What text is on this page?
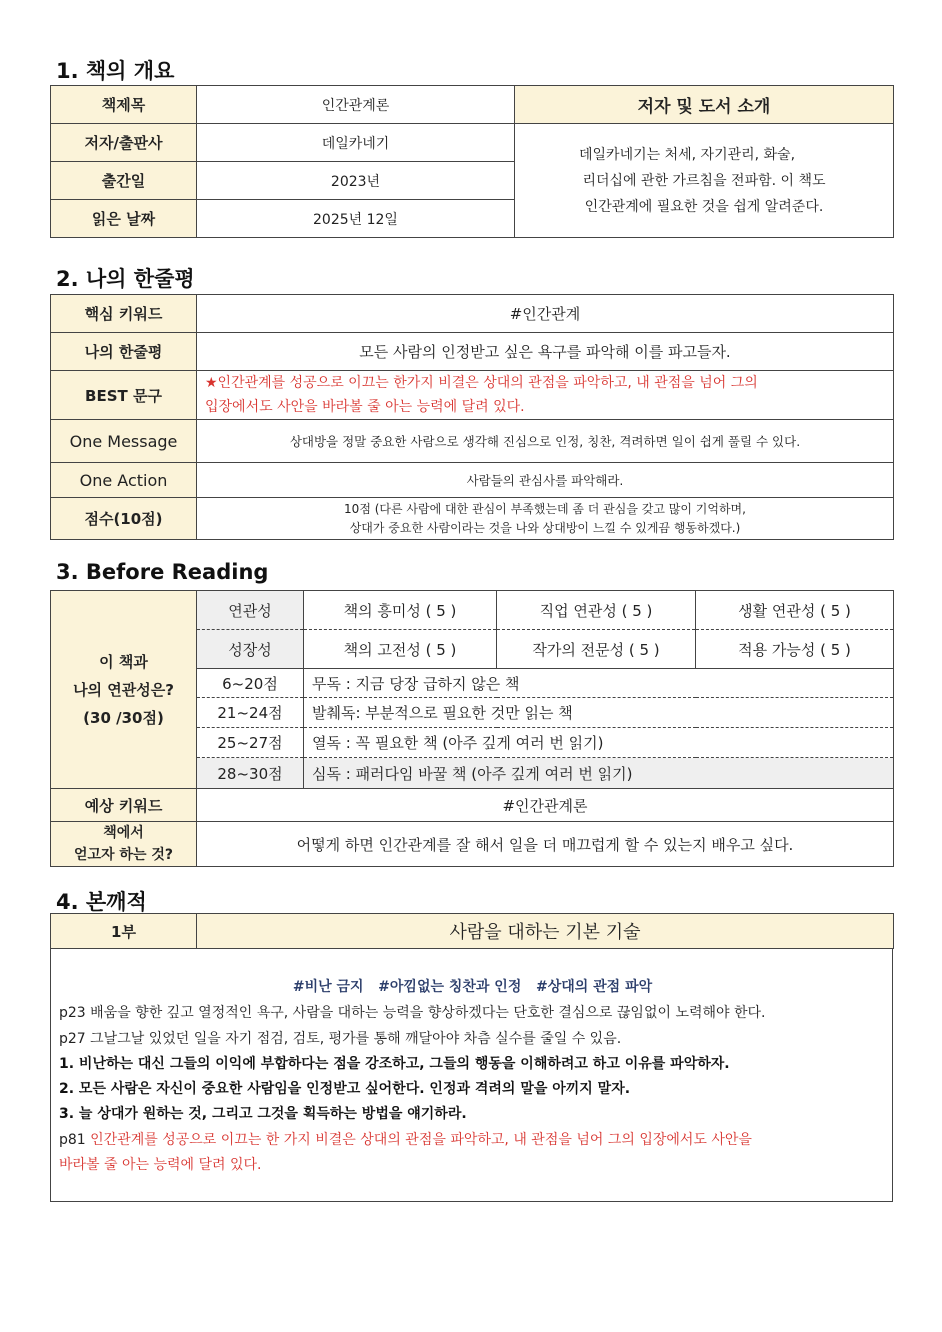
1. 책의 개요
책제목	인간관계론	저자 및 도서 소개
저자/출판사	데일카네기	데일카네기는 처세, 자기관리, 화술,
리더십에 관한 가르침을 전파함. 이 책도
인간관계에 필요한 것을 쉽게 알려준다.

출간일	2023년	
읽은 날짜	2025년 12일	
2. 나의 한줄평
핵심 키워드	#인간관계
나의 한줄평	모든 사람의 인정받고 싶은 욕구를 파악해 이를 파고들자.
BEST 문구	★인간관계를 성공으로 이끄는 한가지 비결은 상대의 관점을 파악하고, 내 관점을 넘어 그의
입장에서도 사안을 바라볼 줄 아는 능력에 달려 있다.

One Message	상대방을 정말 중요한 사람으로 생각해 진심으로 인정, 칭찬, 격려하면 일이 쉽게 풀릴 수 있다.
One Action	사람들의 관심사를 파악해라.
점수(10점)	10점 (다른 사람에 대한 관심이 부족했는데 좀 더 관심을 갖고 많이 기억하며,
상대가 중요한 사람이라는 것을 나와 상대방이 느낄 수 있게끔 행동하겠다.)
3. Before Reading
이 책과
나의 연관성은?
(30 /30점)	연관성	책의 흥미성 ( 5 )	직업 연관성 ( 5 )	생활 연관성 ( 5 )
	성장성	책의 고전성 ( 5 )	작가의 전문성 ( 5 )	적용 가능성 ( 5 )
	6~20점	무독 : 지금 당장 급하지 않은 책		
	21~24점	발췌독: 부분적으로 필요한 것만 읽는 책		
	25~27점	열독 : 꼭 필요한 책 (아주 깊게 여러 번 읽기)		
	28~30점	심독 : 패러다임 바꿀 책 (아주 깊게 여러 번 읽기)		
예상 키워드	#인간관계론			

책에서
얻고자 하는 것?	어떻게 하면 인간관계를 잘 해서 일을 더 매끄럽게 할 수 있는지 배우고 싶다.			
4. 본깨적
1부	사람을 대하는 기본 기술
#비난 금지   #아낌없는 칭찬과 인정   #상대의 관점 파악
p23 배움을 향한 깊고 열정적인 욕구, 사람을 대하는 능력을 향상하겠다는 단호한 결심으로 끊임없이 노력해야 한다.
p27 그날그날 있었던 일을 자기 점검, 검토, 평가를 통해 깨달아야 차츰 실수를 줄일 수 있음.
1. 비난하는 대신 그들의 이익에 부합하다는 점을 강조하고, 그들의 행동을 이해하려고 하고 이유를 파악하자.
2. 모든 사람은 자신이 중요한 사람임을 인정받고 싶어한다. 인정과 격려의 말을 아끼지 말자.
3. 늘 상대가 원하는 것, 그리고 그것을 획득하는 방법을 얘기하라.
p81 인간관계를 성공으로 이끄는 한 가지 비결은 상대의 관점을 파악하고, 내 관점을 넘어 그의 입장에서도 사안을
바라볼 줄 아는 능력에 달려 있다.
